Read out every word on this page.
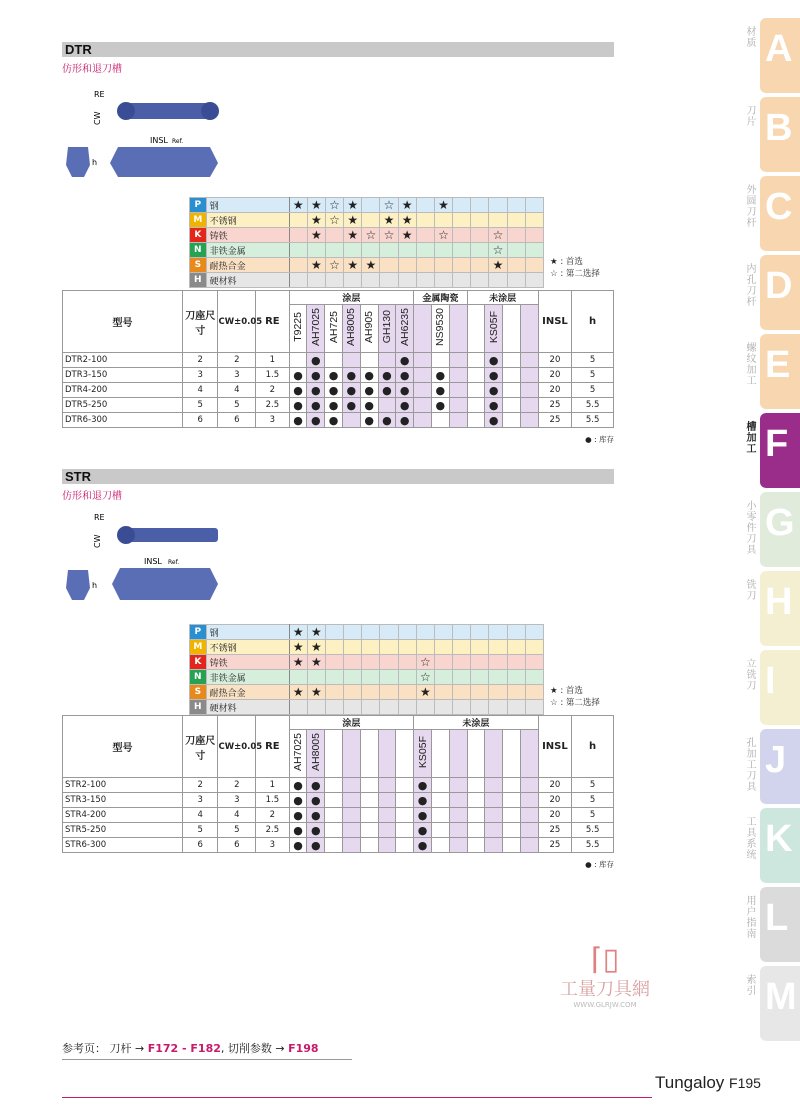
DTR
仿形和退刀槽
RE
CW
INSL Ref.
h
P	钢	★	★	☆	★		☆	★		★					
M	不锈钢		★	☆	★		★	★							
K	铸铁		★		★	☆	☆	★		☆			☆		
N	非铁金属												☆		
S	耐热合金		★	☆	★	★							★		
H	硬材料														
★ : 首选
☆ : 第二选择
型号	刀座尺寸	CW±0.05	RE	涂层							金属陶瓷			未涂层				INSL	h
				T9225	AH7025	AH725	AH8005	AH905	GH130	AH6235		NS9530			KS05F				
DTR2-100	2	2	1		●					●					●			20	5
DTR3-150	3	3	1.5	●	●	●	●	●	●	●		●			●			20	5
DTR4-200	4	4	2	●	●	●	●	●	●	●		●			●			20	5
DTR5-250	5	5	2.5	●	●	●	●	●		●		●			●			25	5.5
DTR6-300	6	6	3	●	●	●		●	●	●					●			25	5.5
● : 库存
STR
仿形和退刀槽
RE
CW
INSL Ref.
h
P	钢	★	★												
M	不锈钢	★	★												
K	铸铁	★	★						☆						
N	非铁金属								☆						
S	耐热合金	★	★						★						
H	硬材料														
★ : 首选
☆ : 第二选择
型号	刀座尺寸	CW±0.05	RE	涂层							未涂层							INSL	h
				AH7025	AH8005						KS05F								
STR2-100	2	2	1	●	●						●							20	5
STR3-150	3	3	1.5	●	●						●							20	5
STR4-200	4	4	2	●	●						●							20	5
STR5-250	5	5	2.5	●	●						●							25	5.5
STR6-300	6	6	3	●	●						●							25	5.5
● : 库存
⌈▯
工量刀具網
WWW.GLRJW.COM
参考页： 刀杆 → F172 - F182, 切削参数 → F198
Tungaloy F195
A
材质
B
刀片
C
外圆刀杆
D
内孔刀杆
E
螺纹加工
F
槽加工
G
小零件刀具
H
铣刀
I
立铣刀
J
孔加工刀具
K
工具系统
L
用户指南
M
索引
